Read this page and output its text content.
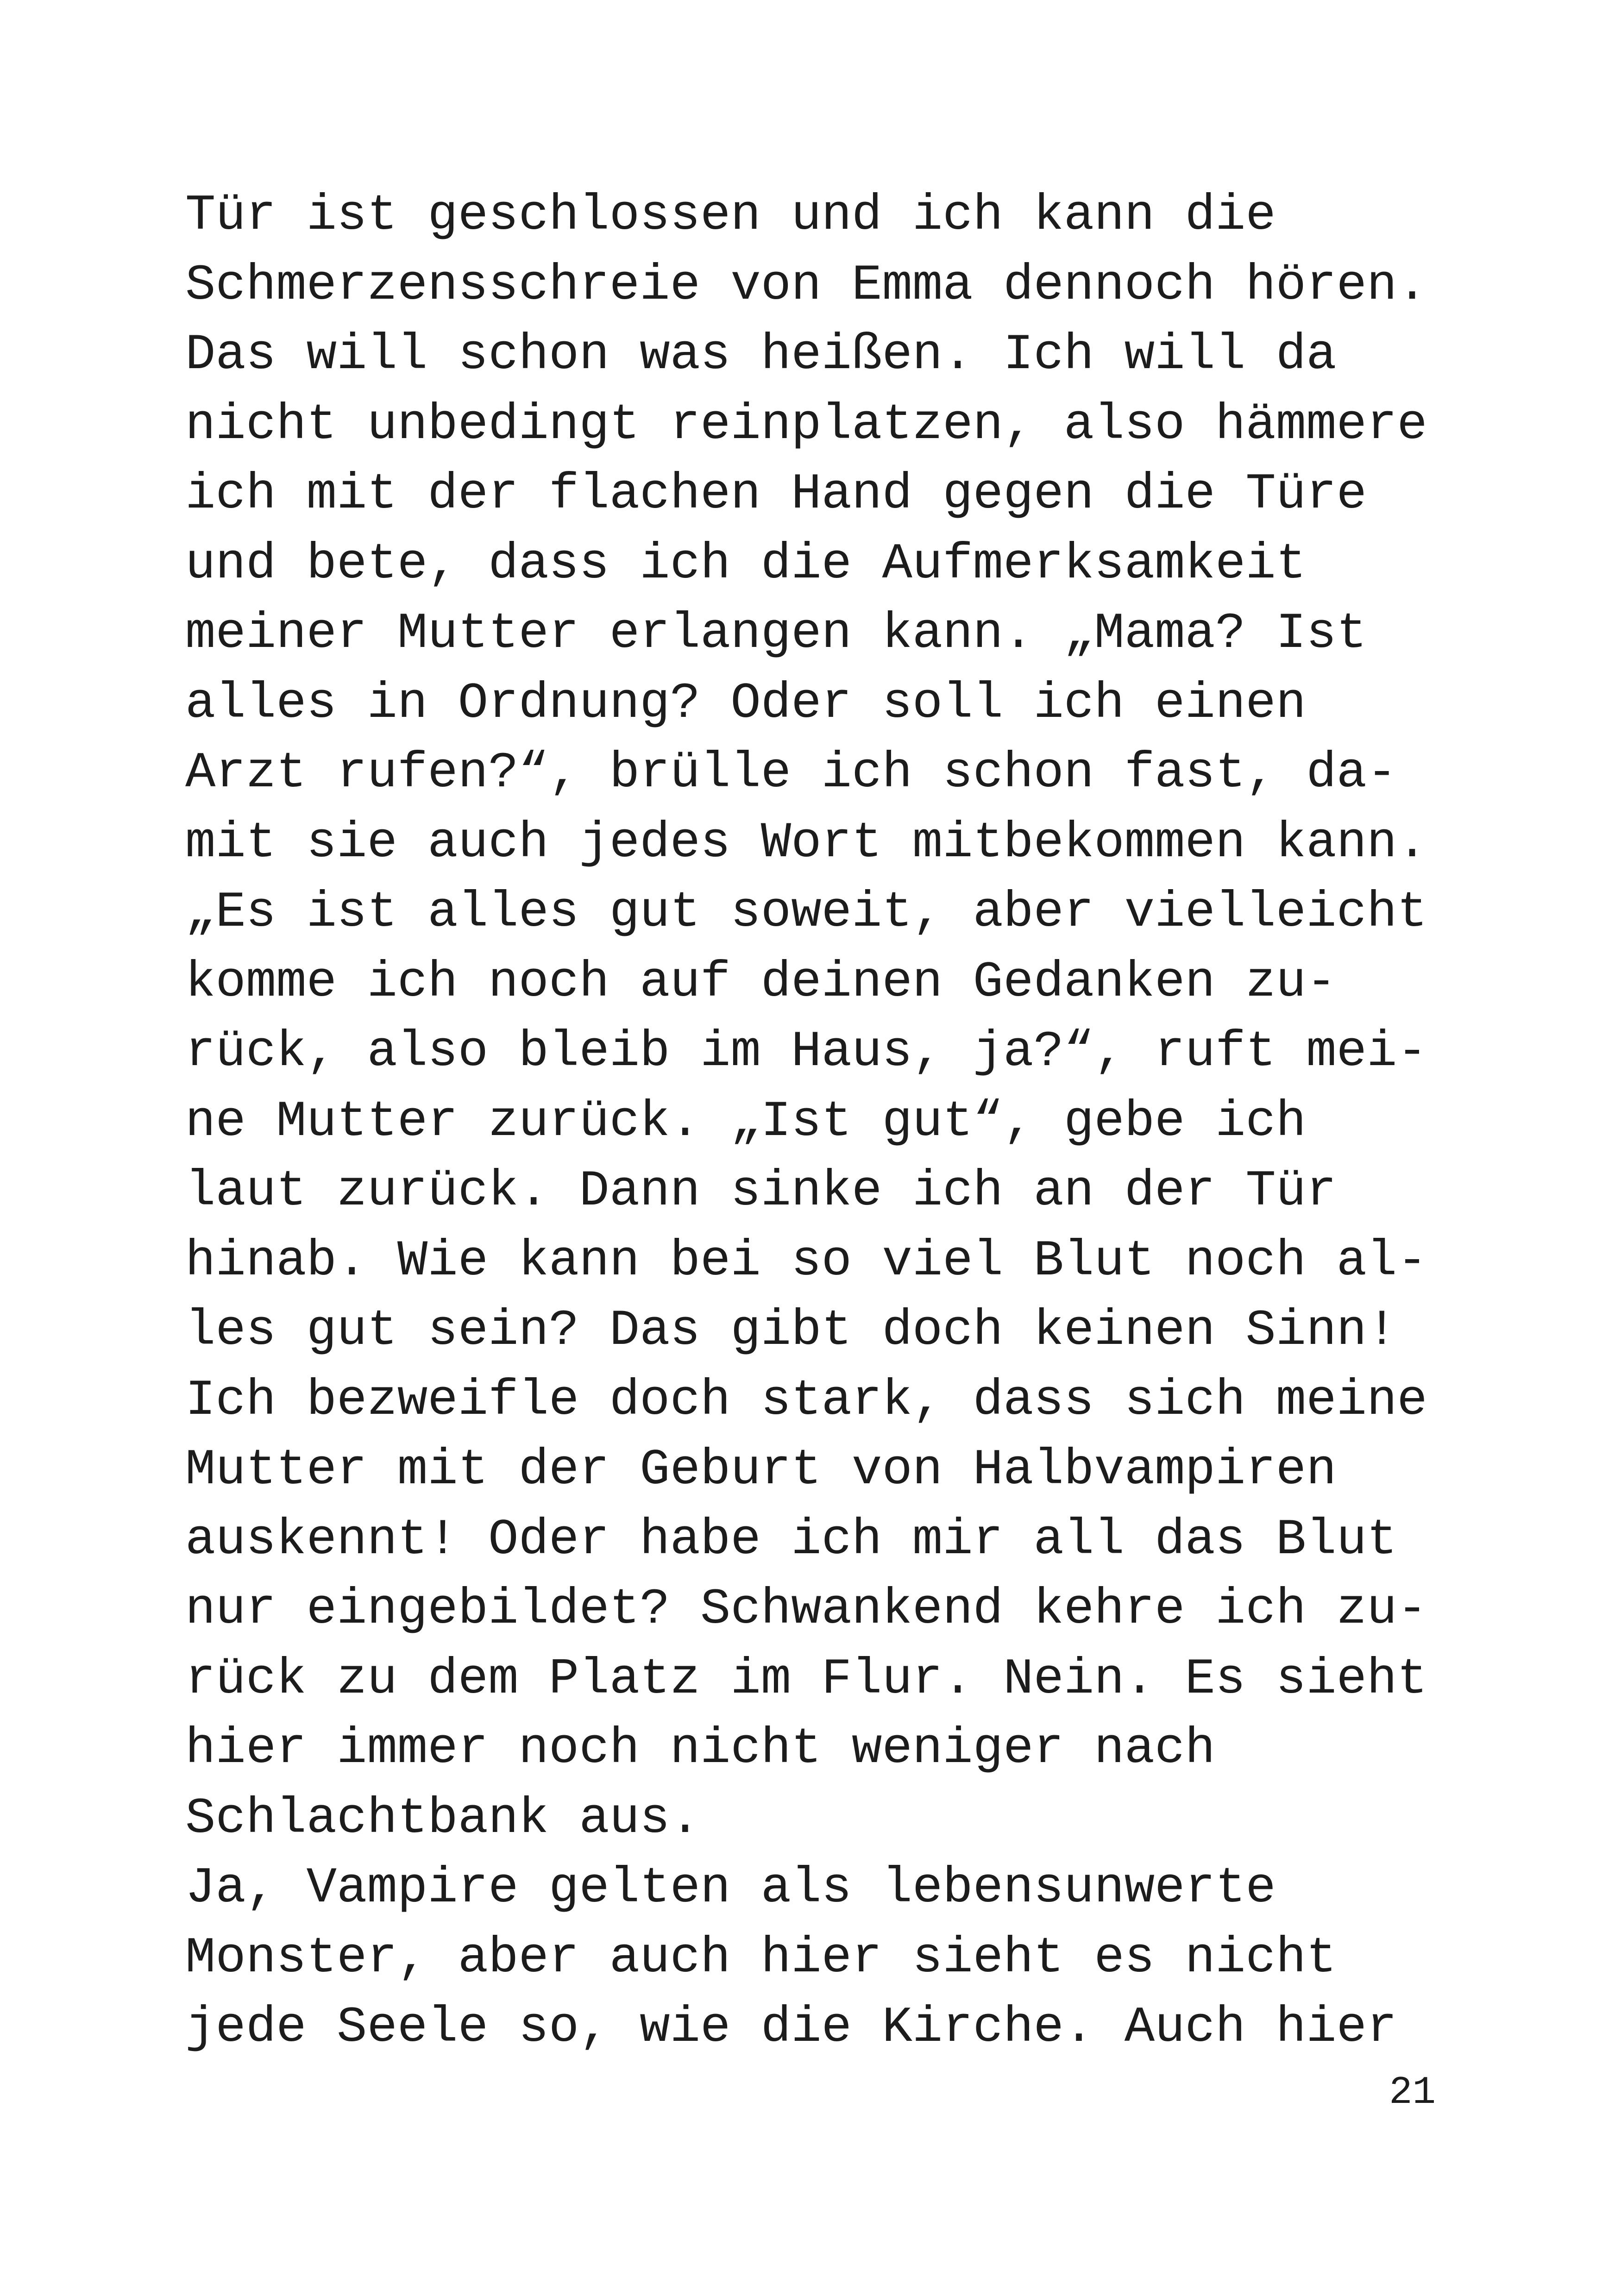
Tür ist geschlossen und ich kann die
Schmerzensschreie von Emma dennoch hören.
Das will schon was heißen. Ich will da
nicht unbedingt reinplatzen, also hämmere
ich mit der flachen Hand gegen die Türe
und bete, dass ich die Aufmerksamkeit
meiner Mutter erlangen kann. „Mama? Ist
alles in Ordnung? Oder soll ich einen
Arzt rufen?“, brülle ich schon fast, da-
mit sie auch jedes Wort mitbekommen kann.
„Es ist alles gut soweit, aber vielleicht
komme ich noch auf deinen Gedanken zu-
rück, also bleib im Haus, ja?“, ruft mei-
ne Mutter zurück. „Ist gut“, gebe ich
laut zurück. Dann sinke ich an der Tür
hinab. Wie kann bei so viel Blut noch al-
les gut sein? Das gibt doch keinen Sinn!
Ich bezweifle doch stark, dass sich meine
Mutter mit der Geburt von Halbvampiren
auskennt! Oder habe ich mir all das Blut
nur eingebildet? Schwankend kehre ich zu-
rück zu dem Platz im Flur. Nein. Es sieht
hier immer noch nicht weniger nach
Schlachtbank aus.
Ja, Vampire gelten als lebensunwerte
Monster, aber auch hier sieht es nicht
jede Seele so, wie die Kirche. Auch hier
21
